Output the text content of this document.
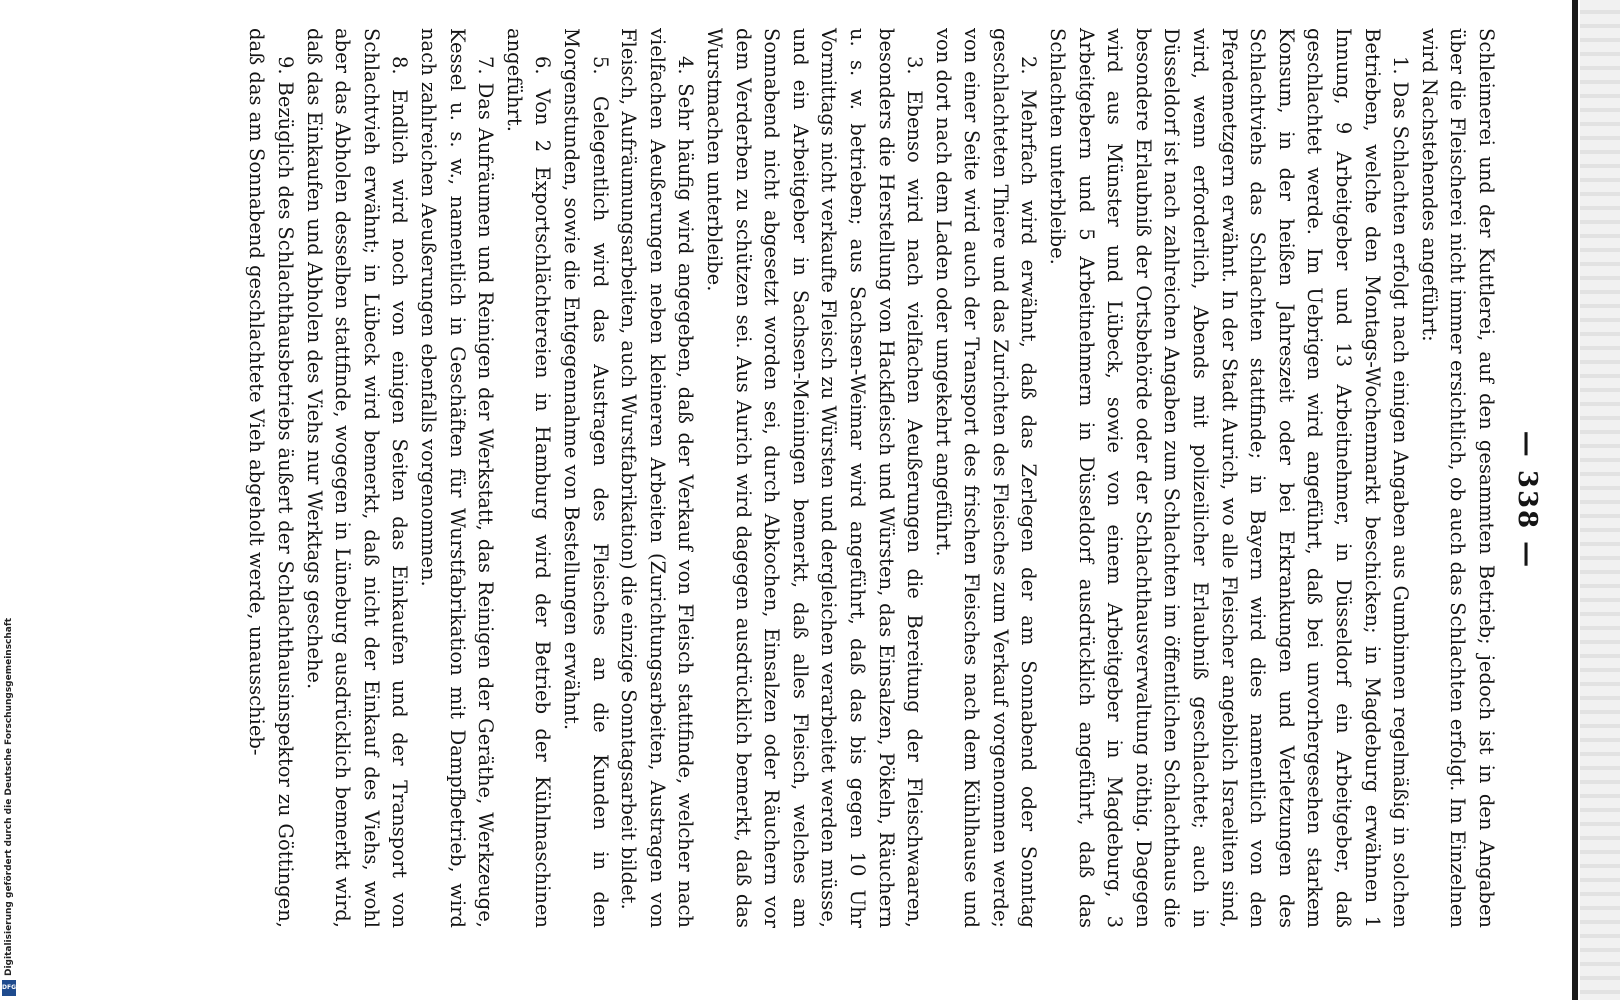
— 338 —

Schleimerei und der Kuttlerei, auf den gesammten Betrieb; jedoch ist in den Angaben über die Fleischerei nicht immer ersichtlich, ob auch das Schlachten erfolgt. Im Einzelnen wird Nachstehendes angeführt:

1. Das Schlachten erfolgt nach einigen Angaben aus Gumbinnen regelmäßig in solchen Betrieben, welche den Montags-Wochenmarkt beschicken; in Magdeburg erwähnen 1 Innung, 9 Arbeitgeber und 13 Arbeitnehmer, in Düsseldorf ein Arbeitgeber, daß geschlachtet werde. Im Uebrigen wird angeführt, daß bei unvorhergesehen starkem Konsum, in der heißen Jahreszeit oder bei Erkrankungen und Verletzungen des Schlachtviehs das Schlachten stattfinde; in Bayern wird dies namentlich von den Pferdemetzgern erwähnt. In der Stadt Aurich, wo alle Fleischer angeblich Israeliten sind, wird, wenn erforderlich, Abends mit polizeilicher Erlaubniß geschlachtet; auch in Düsseldorf ist nach zahlreichen Angaben zum Schlachten im öffentlichen Schlachthaus die besondere Erlaubniß der Ortsbehörde oder der Schlachthausverwaltung nöthig. Dagegen wird aus Münster und Lübeck, sowie von einem Arbeitgeber in Magdeburg, 3 Arbeitgebern und 5 Arbeitnehmern in Düsseldorf ausdrücklich angeführt, daß das Schlachten unterbleibe.

2. Mehrfach wird erwähnt, daß das Zerlegen der am Sonnabend oder Sonntag geschlachteten Thiere und das Zurichten des Fleisches zum Verkauf vorgenommen werde; von einer Seite wird auch der Transport des frischen Fleisches nach dem Kühlhause und von dort nach dem Laden oder umgekehrt angeführt.

3. Ebenso wird nach vielfachen Aeußerungen die Bereitung der Fleischwaaren, besonders die Herstellung von Hackfleisch und Würsten, das Einsalzen, Pökeln, Räuchern u. s. w. betrieben; aus Sachsen-Weimar wird angeführt, daß das bis gegen 10 Uhr Vormittags nicht verkaufte Fleisch zu Würsten und dergleichen verarbeitet werden müsse, und ein Arbeitgeber in Sachsen-Meiningen bemerkt, daß alles Fleisch, welches am Sonnabend nicht abgesetzt worden sei, durch Abkochen, Einsalzen oder Räuchern vor dem Verderben zu schützen sei. Aus Aurich wird dagegen ausdrücklich bemerkt, daß das Wurstmachen unterbleibe.

4. Sehr häufig wird angegeben, daß der Verkauf von Fleisch stattfinde, welcher nach vielfachen Aeußerungen neben kleineren Arbeiten (Zurichtungsarbeiten, Austragen von Fleisch, Aufräumungsarbeiten, auch Wurstfabrikation) die einzige Sonntagsarbeit bildet.

5. Gelegentlich wird das Austragen des Fleisches an die Kunden in den Morgenstunden, sowie die Entgegennahme von Bestellungen erwähnt.

6. Von 2 Exportschlächtereien in Hamburg wird der Betrieb der Kühlmaschinen angeführt.

7. Das Aufräumen und Reinigen der Werkstatt, das Reinigen der Geräthe, Werkzeuge, Kessel u. s. w., namentlich in Geschäften für Wurstfabrikation mit Dampfbetrieb, wird nach zahlreichen Aeußerungen ebenfalls vorgenommen.

8. Endlich wird noch von einigen Seiten das Einkaufen und der Transport von Schlachtvieh erwähnt; in Lübeck wird bemerkt, daß nicht der Einkauf des Viehs, wohl aber das Abholen desselben stattfinde, wogegen in Lüneburg ausdrücklich bemerkt wird, daß das Einkaufen und Abholen des Viehs nur Werktags geschehe.

9. Bezüglich des Schlachthausbetriebs äußert der Schlachthausinspektor zu Göttingen, daß das am Sonnabend geschlachtete Vieh abgeholt werde, unausschieb-

Digitalisierung gefördert durch die Deutsche Forschungsgemeinschaft
DFG
